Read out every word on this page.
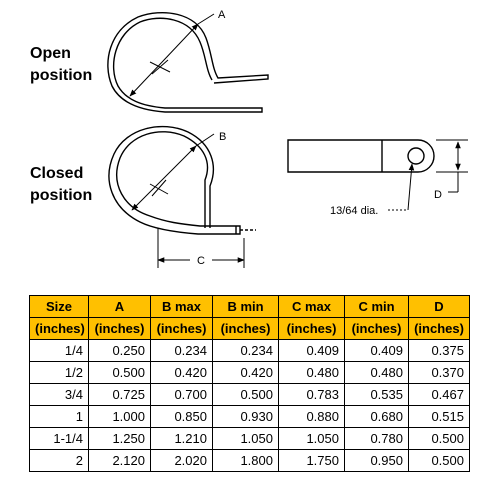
Open
position
Closed
position
A
B
C
D
13/64 dia.
Size	A	B max	B min	C max	C min	D
(inches)	(inches)	(inches)	(inches)	(inches)	(inches)	(inches)
1/4	0.250	0.234	0.234	0.409	0.409	0.375
1/2	0.500	0.420	0.420	0.480	0.480	0.370
3/4	0.725	0.700	0.500	0.783	0.535	0.467
1	1.000	0.850	0.930	0.880	0.680	0.515
1-1/4	1.250	1.210	1.050	1.050	0.780	0.500
2	2.120	2.020	1.800	1.750	0.950	0.500
